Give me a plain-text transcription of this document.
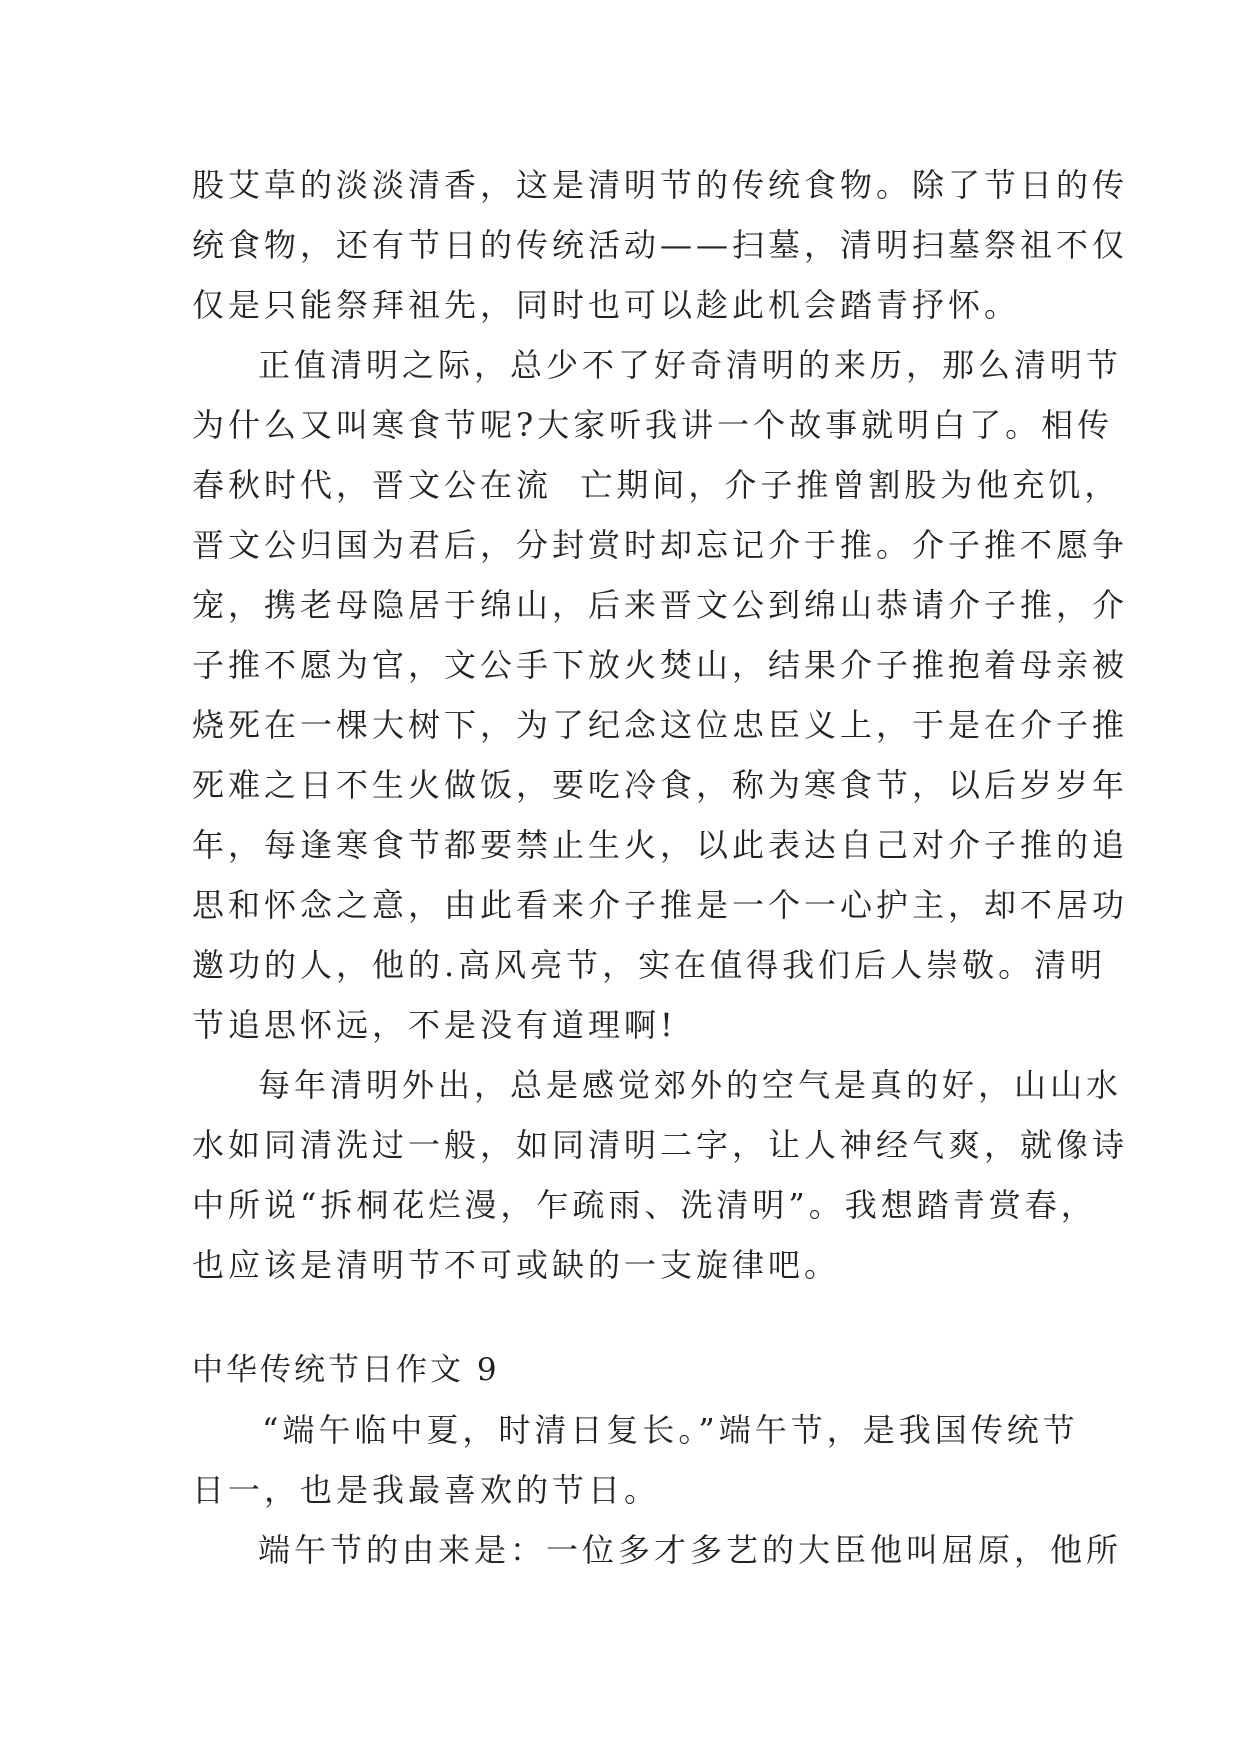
股艾草的淡淡清香，这是清明节的传统食物。除了节日的传
统食物，还有节日的传统活动——扫墓，清明扫墓祭祖不仅
仅是只能祭拜祖先，同时也可以趁此机会踏青抒怀。
正值清明之际，总少不了好奇清明的来历，那么清明节
为什么又叫寒食节呢?大家听我讲一个故事就明白了。相传
春秋时代，晋文公在流  亡期间，介子推曾割股为他充饥，
晋文公归国为君后，分封赏时却忘记介于推。介子推不愿争
宠，携老母隐居于绵山，后来晋文公到绵山恭请介子推，介
子推不愿为官，文公手下放火焚山，结果介子推抱着母亲被
烧死在一棵大树下，为了纪念这位忠臣义上，于是在介子推
死难之日不生火做饭，要吃冷食，称为寒食节，以后岁岁年
年，每逢寒食节都要禁止生火，以此表达自己对介子推的追
思和怀念之意，由此看来介子推是一个一心护主，却不居功
邀功的人，他的.高风亮节，实在值得我们后人崇敬。清明
节追思怀远，不是没有道理啊!
每年清明外出，总是感觉郊外的空气是真的好，山山水
水如同清洗过一般，如同清明二字，让人神经气爽，就像诗
中所说“拆桐花烂漫，乍疏雨、洗清明”。我想踏青赏春，
也应该是清明节不可或缺的一支旋律吧。
中华传统节日作文 9
“端午临中夏，时清日复长。”端午节，是我国传统节
日一，也是我最喜欢的节日。
端午节的由来是：一位多才多艺的大臣他叫屈原，他所
